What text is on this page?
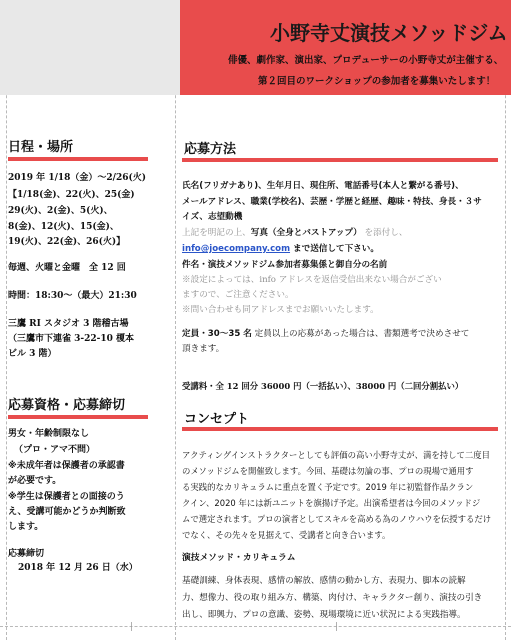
|	|
小野寺丈演技メソッドジム
俳優、劇作家、演出家、プロデューサーの小野寺丈が主催する、
第２回目のワークショップの参加者を募集いたします！
日程・場所
2019 年 1/18（金）～2/26(火)
【1/18(金)、22(火)、25(金)
29(火)、2(金)、5(火)、
8(金)、12(火)、15(金)、
19(火)、22(金)、26(火)】
毎週、火曜と金曜　全 12 回
時間：18:30～（最大）21:30
三鷹 RI スタジオ 3 階稽古場
（三鷹市下連雀 3-22-10 榎本
ビル 3 階）
応募資格・応募締切
男女・年齢制限なし
（プロ・アマ不問）
※未成年者は保護者の承認書
が必要です。
※学生は保護者との面接のう
え、受講可能かどうか判断致
します。
応募締切
2018 年 12 月 26 日（水）
応募方法
氏名(フリガナあり)、生年月日、現住所、電話番号(本人と繋がる番号)、
メールアドレス、職業(学校名)、芸歴・学歴と経歴、趣味・特技、身長・３サ
イズ、志望動機
上記を明記の上、写真（全身とバストアップ） を添付し、
info@joecompany.com まで送信して下さい。
件名・演技メソッドジム参加者募集係と御自分の名前
※設定によっては、info アドレスを返信受信出来ない場合がござい
ますので、ご注意ください。
※問い合わせも同アドレスまでお願いいたします。
定員・30～35 名 定員以上の応募があった場合は、書類選考で決めさせて
頂きます。
受講料・全 12 回分 36000 円（一括払い）、38000 円（二回分割払い）
コンセプト
アクティングインストラクターとしても評価の高い小野寺丈が、満を持して二度目
のメソッドジムを開催致します。今回、基礎は勿論の事、プロの現場で通用す
る実践的なカリキュラムに重点を置く予定です。2019 年に初監督作品クラン
クイン、2020 年には新ユニットを旗揚げ予定。出演希望者は今回のメソッドジ
ムで選定されます。プロの演者としてスキルを高める為のノウハウを伝授するだけ
でなく、その先々を見据えて、受講者と向き合います。
演技メソッド・カリキュラム
基礎訓練、身体表現、感情の解放、感情の動かし方、表現力、脚本の読解
力、想像力、役の取り組み方、構築、肉付け、キャラクター創り、演技の引き
出し、即興力、プロの意識、姿勢、現場環境に近い状況による実践指導。
